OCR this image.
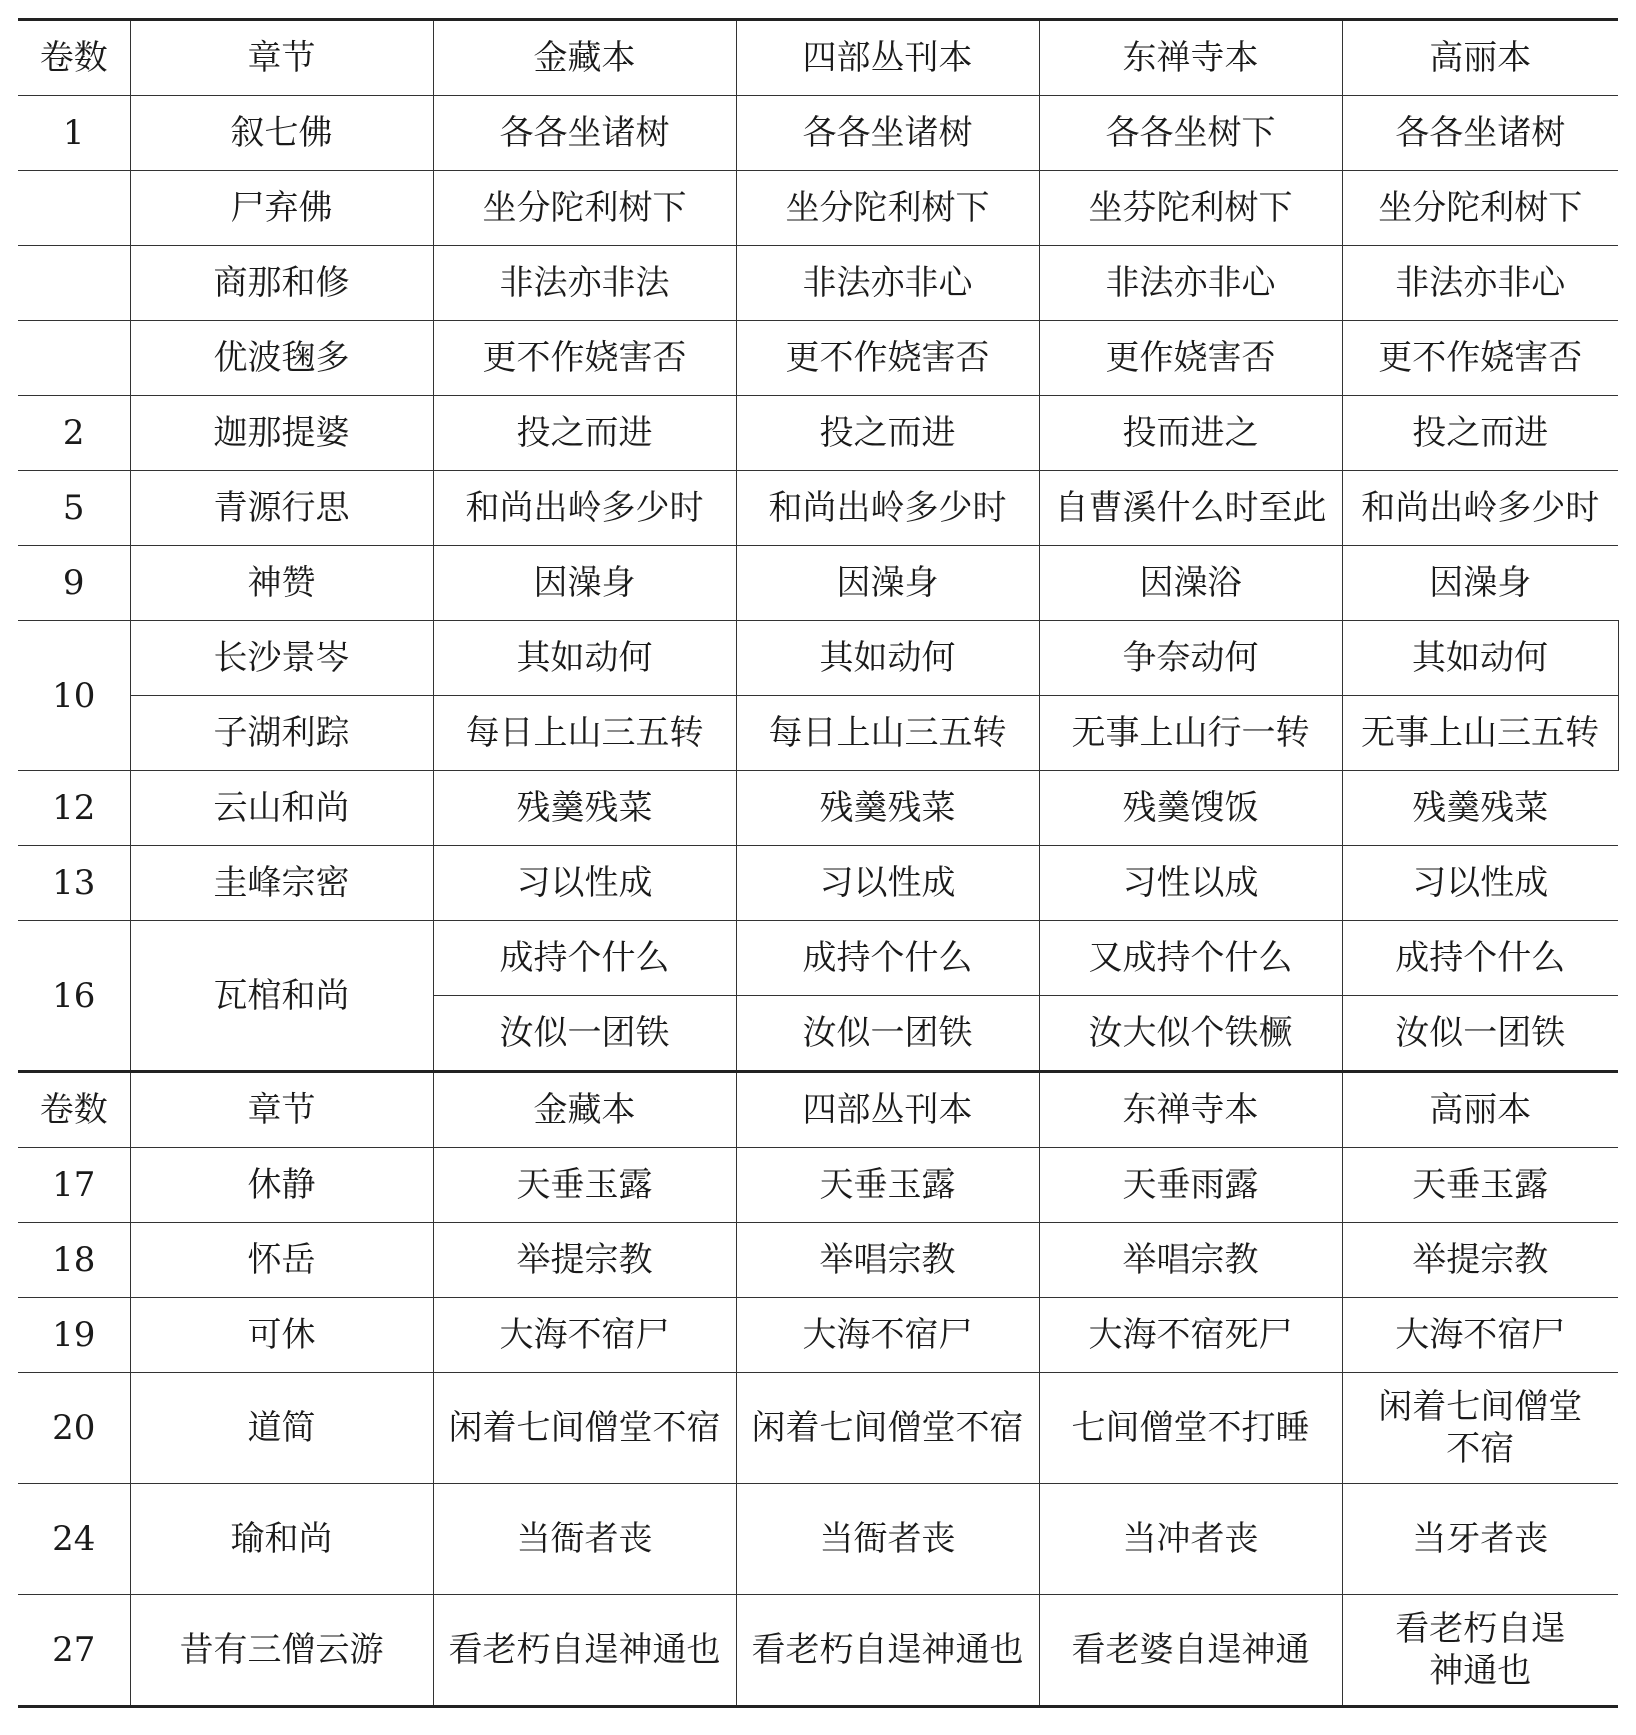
卷数	章节	金藏本	四部丛刊本	东禅寺本	高丽本
1	叙七佛	各各坐诸树	各各坐诸树	各各坐树下	各各坐诸树
	尸弃佛	坐分陀利树下	坐分陀利树下	坐芬陀利树下	坐分陀利树下
	商那和修	非法亦非法	非法亦非心	非法亦非心	非法亦非心
	优波毱多	更不作娆害否	更不作娆害否	更作娆害否	更不作娆害否
2	迦那提婆	投之而进	投之而进	投而进之	投之而进
5	青源行思	和尚出岭多少时	和尚出岭多少时	自曹溪什么时至此	和尚出岭多少时
9	神赞	因澡身	因澡身	因澡浴	因澡身
10	长沙景岑	其如动何	其如动何	争奈动何	其如动何
	子湖利踪	每日上山三五转	每日上山三五转	无事上山行一转	无事上山三五转
12	云山和尚	残羹残菜	残羹残菜	残羹馊饭	残羹残菜
13	圭峰宗密	习以性成	习以性成	习性以成	习以性成
16	瓦棺和尚	成持个什么	成持个什么	又成持个什么	成持个什么
		汝似一团铁	汝似一团铁	汝大似个铁橛	汝似一团铁
卷数	章节	金藏本	四部丛刊本	东禅寺本	高丽本
17	休静	天垂玉露	天垂玉露	天垂雨露	天垂玉露
18	怀岳	举提宗教	举唱宗教	举唱宗教	举提宗教
19	可休	大海不宿尸	大海不宿尸	大海不宿死尸	大海不宿尸
20	道简	闲着七间僧堂不宿	闲着七间僧堂不宿	七间僧堂不打睡	闲着七间僧堂
不宿

24	瑜和尚	当衙者丧	当衙者丧	当冲者丧	当牙者丧

27	昔有三僧云游	看老朽自逞神通也	看老朽自逞神通也	看老婆自逞神通	看老朽自逞
神通也
